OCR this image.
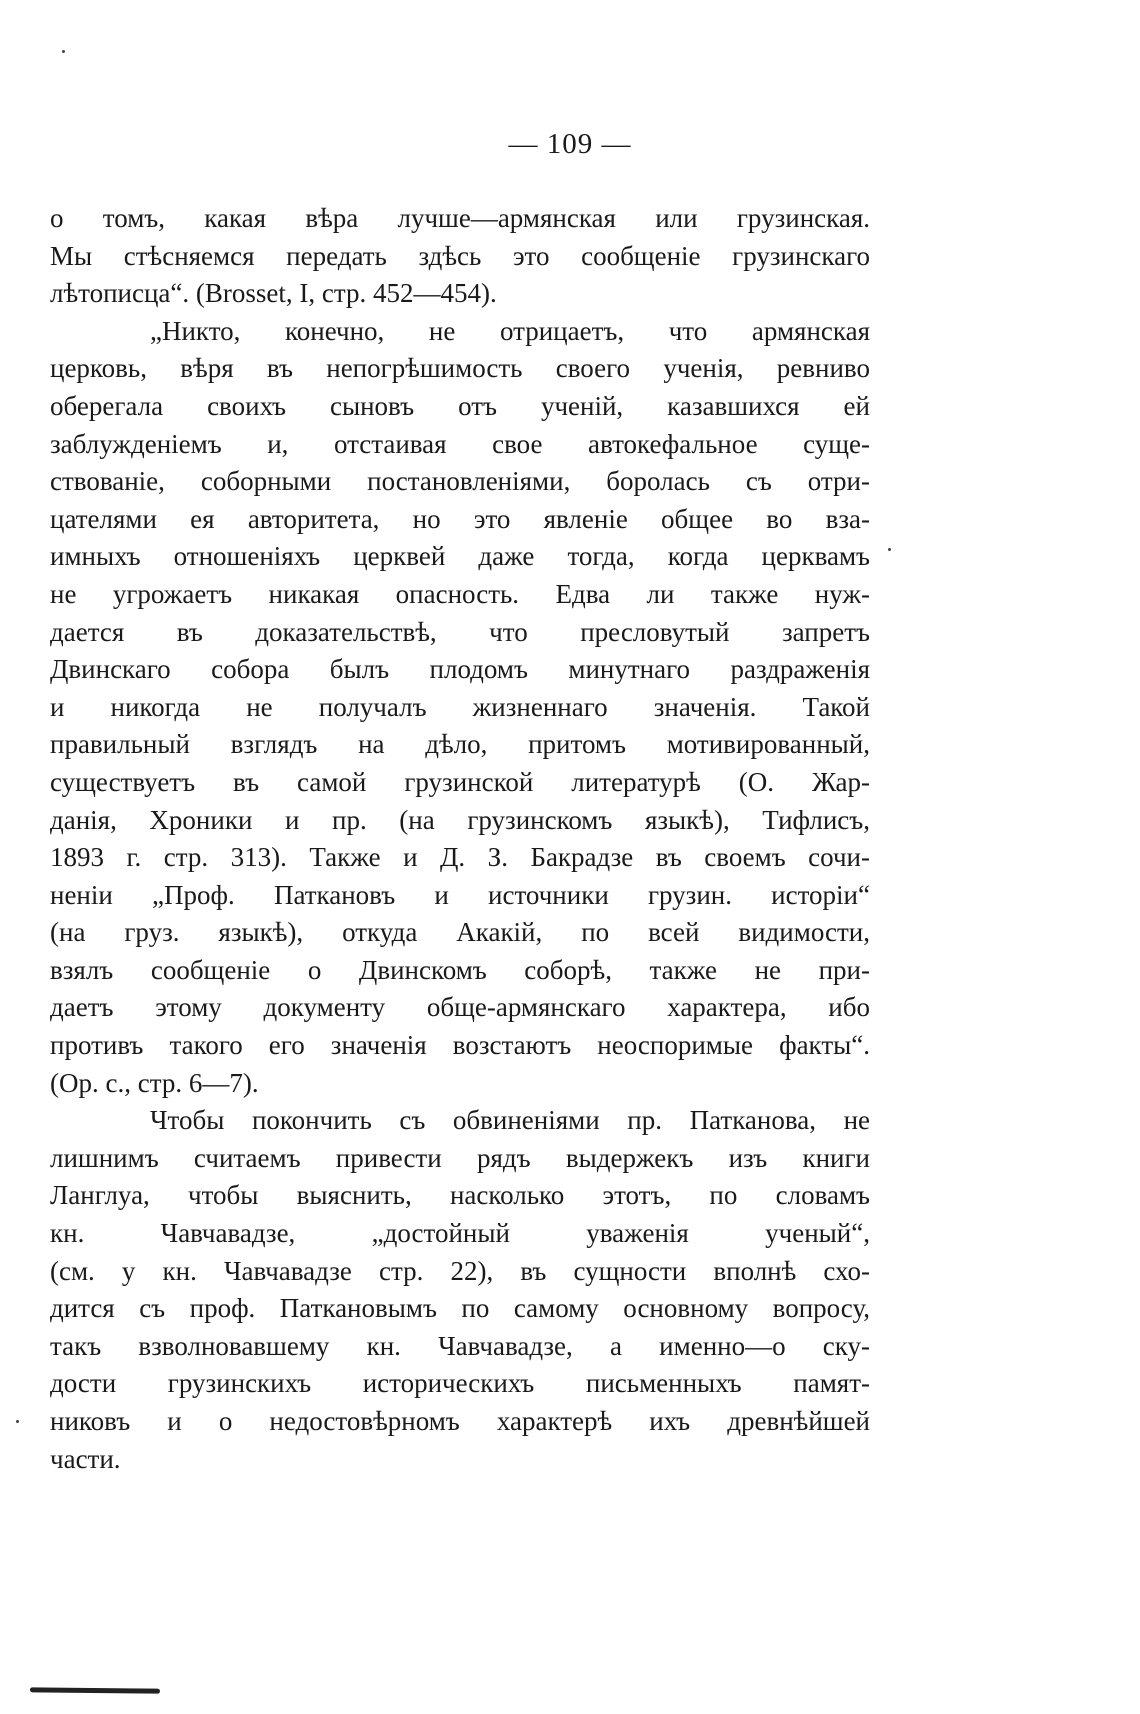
— 109 —
о томъ, какая вѣра лучше—армянская или грузинская.
Мы стѣсняемся передать здѣсь это сообщеніе грузинскаго
лѣтописца“. (Brosset, I, стр. 452—454).
„Никто, конечно, не отрицаетъ, что армянская
церковь, вѣря въ непогрѣшимость своего ученія, ревниво
оберегала своихъ сыновъ отъ ученій, казавшихся ей
заблужденіемъ и, отстаивая свое автокефальное суще-
ствованіе, соборными постановленіями, боролась съ отри-
цателями ея авторитета, но это явленіе общее во вза-
имныхъ отношеніяхъ церквей даже тогда, когда церквамъ
не угрожаетъ никакая опасность. Едва ли также нуж-
дается въ доказательствѣ, что пресловутый запретъ
Двинскаго собора былъ плодомъ минутнаго раздраженія
и никогда не получалъ жизненнаго значенія. Такой
правильный взглядъ на дѣло, притомъ мотивированный,
существуетъ въ самой грузинской литературѣ (О. Жар-
данія, Хроники и пр. (на грузинскомъ языкѣ), Тифлисъ,
1893 г. стр. 313). Также и Д. З. Бакрадзе въ своемъ сочи-
неніи „Проф. Паткановъ и источники грузин. исторіи“
(на груз. языкѣ), откуда Акакій, по всей видимости,
взялъ сообщеніе о Двинскомъ соборѣ, также не при-
даетъ этому документу обще-армянскаго характера, ибо
противъ такого его значенія возстаютъ неоспоримые факты“.
(Ор. с., стр. 6—7).
Чтобы покончить съ обвиненіями пр. Патканова, не
лишнимъ считаемъ привести рядъ выдержекъ изъ книги
Ланглуа, чтобы выяснить, насколько этотъ, по словамъ
кн. Чавчавадзе, „достойный уваженія ученый“,
(см. у кн. Чавчавадзе стр. 22), въ сущности вполнѣ схо-
дится съ проф. Паткановымъ по самому основному вопросу,
такъ взволновавшему кн. Чавчавадзе, а именно—о ску-
дости грузинскихъ историческихъ письменныхъ памят-
никовъ и о недостовѣрномъ характерѣ ихъ древнѣйшей
части.
